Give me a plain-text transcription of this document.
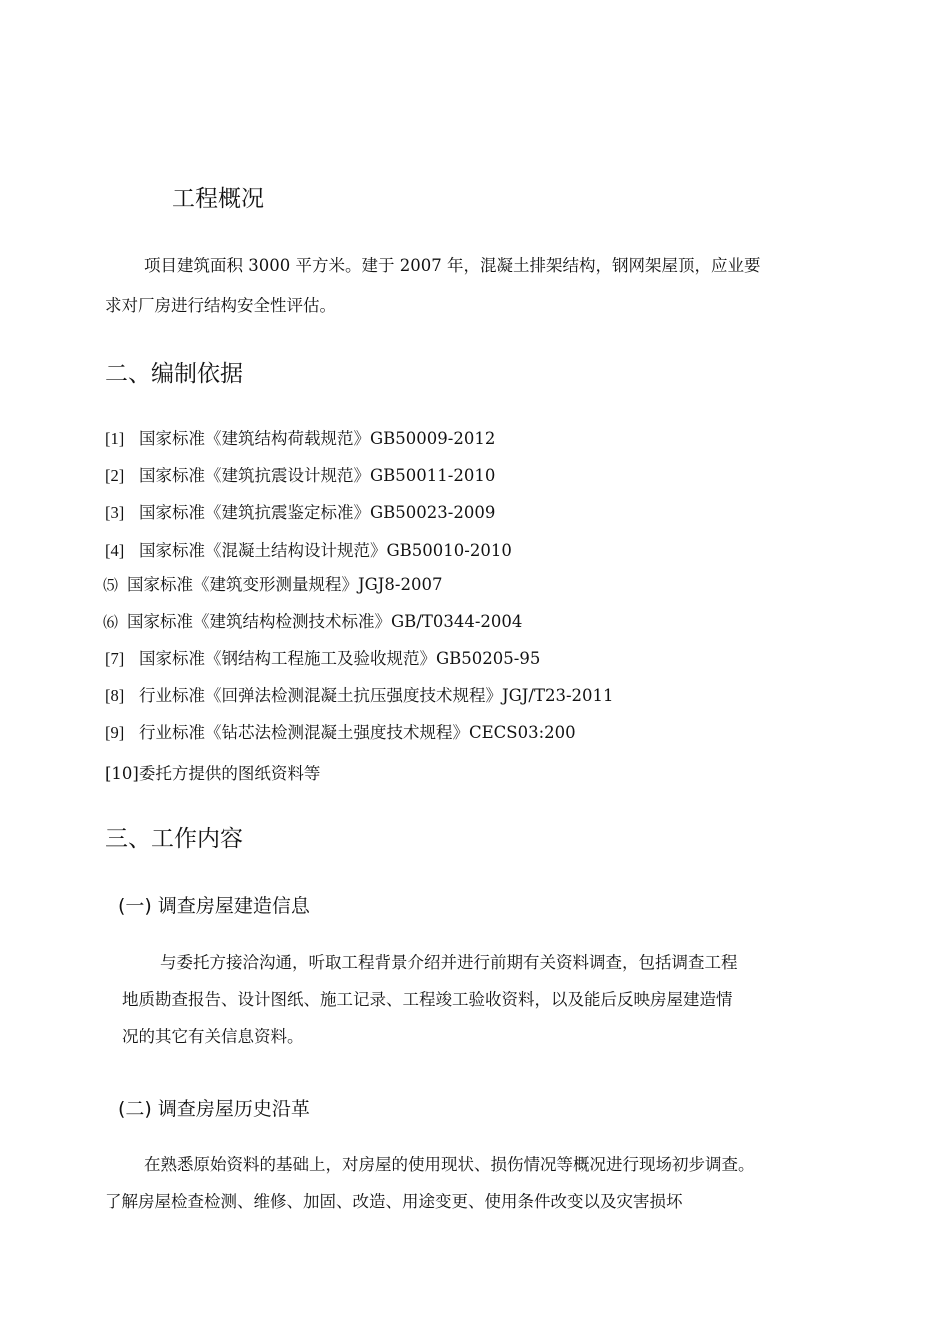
工程概况
项目建筑面积 3000 平方米。建于 2007 年，混凝土排架结构，钢网架屋顶，应业要
求对厂房进行结构安全性评估。
二、编制依据
[1] 国家标准《建筑结构荷载规范》GB50009-2012
[2] 国家标准《建筑抗震设计规范》GB50011-2010
[3] 国家标准《建筑抗震鉴定标准》GB50023-2009
[4] 国家标准《混凝土结构设计规范》GB50010-2010
⑸ 国家标准《建筑变形测量规程》JGJ8-2007
⑹ 国家标准《建筑结构检测技术标准》GB/T0344-2004
[7] 国家标准《钢结构工程施工及验收规范》GB50205-95
[8] 行业标准《回弹法检测混凝土抗压强度技术规程》JGJ/T23-2011
[9] 行业标准《钻芯法检测混凝土强度技术规程》CECS03:200
[10]委托方提供的图纸资料等
三、工作内容
(一) 调查房屋建造信息
与委托方接洽沟通，听取工程背景介绍并进行前期有关资料调查，包括调查工程
地质勘查报告、设计图纸、施工记录、工程竣工验收资料，以及能后反映房屋建造情
况的其它有关信息资料。
(二) 调查房屋历史沿革
在熟悉原始资料的基础上，对房屋的使用现状、损伤情况等概况进行现场初步调查。
了解房屋检查检测、维修、加固、改造、用途变更、使用条件改变以及灾害损坏
